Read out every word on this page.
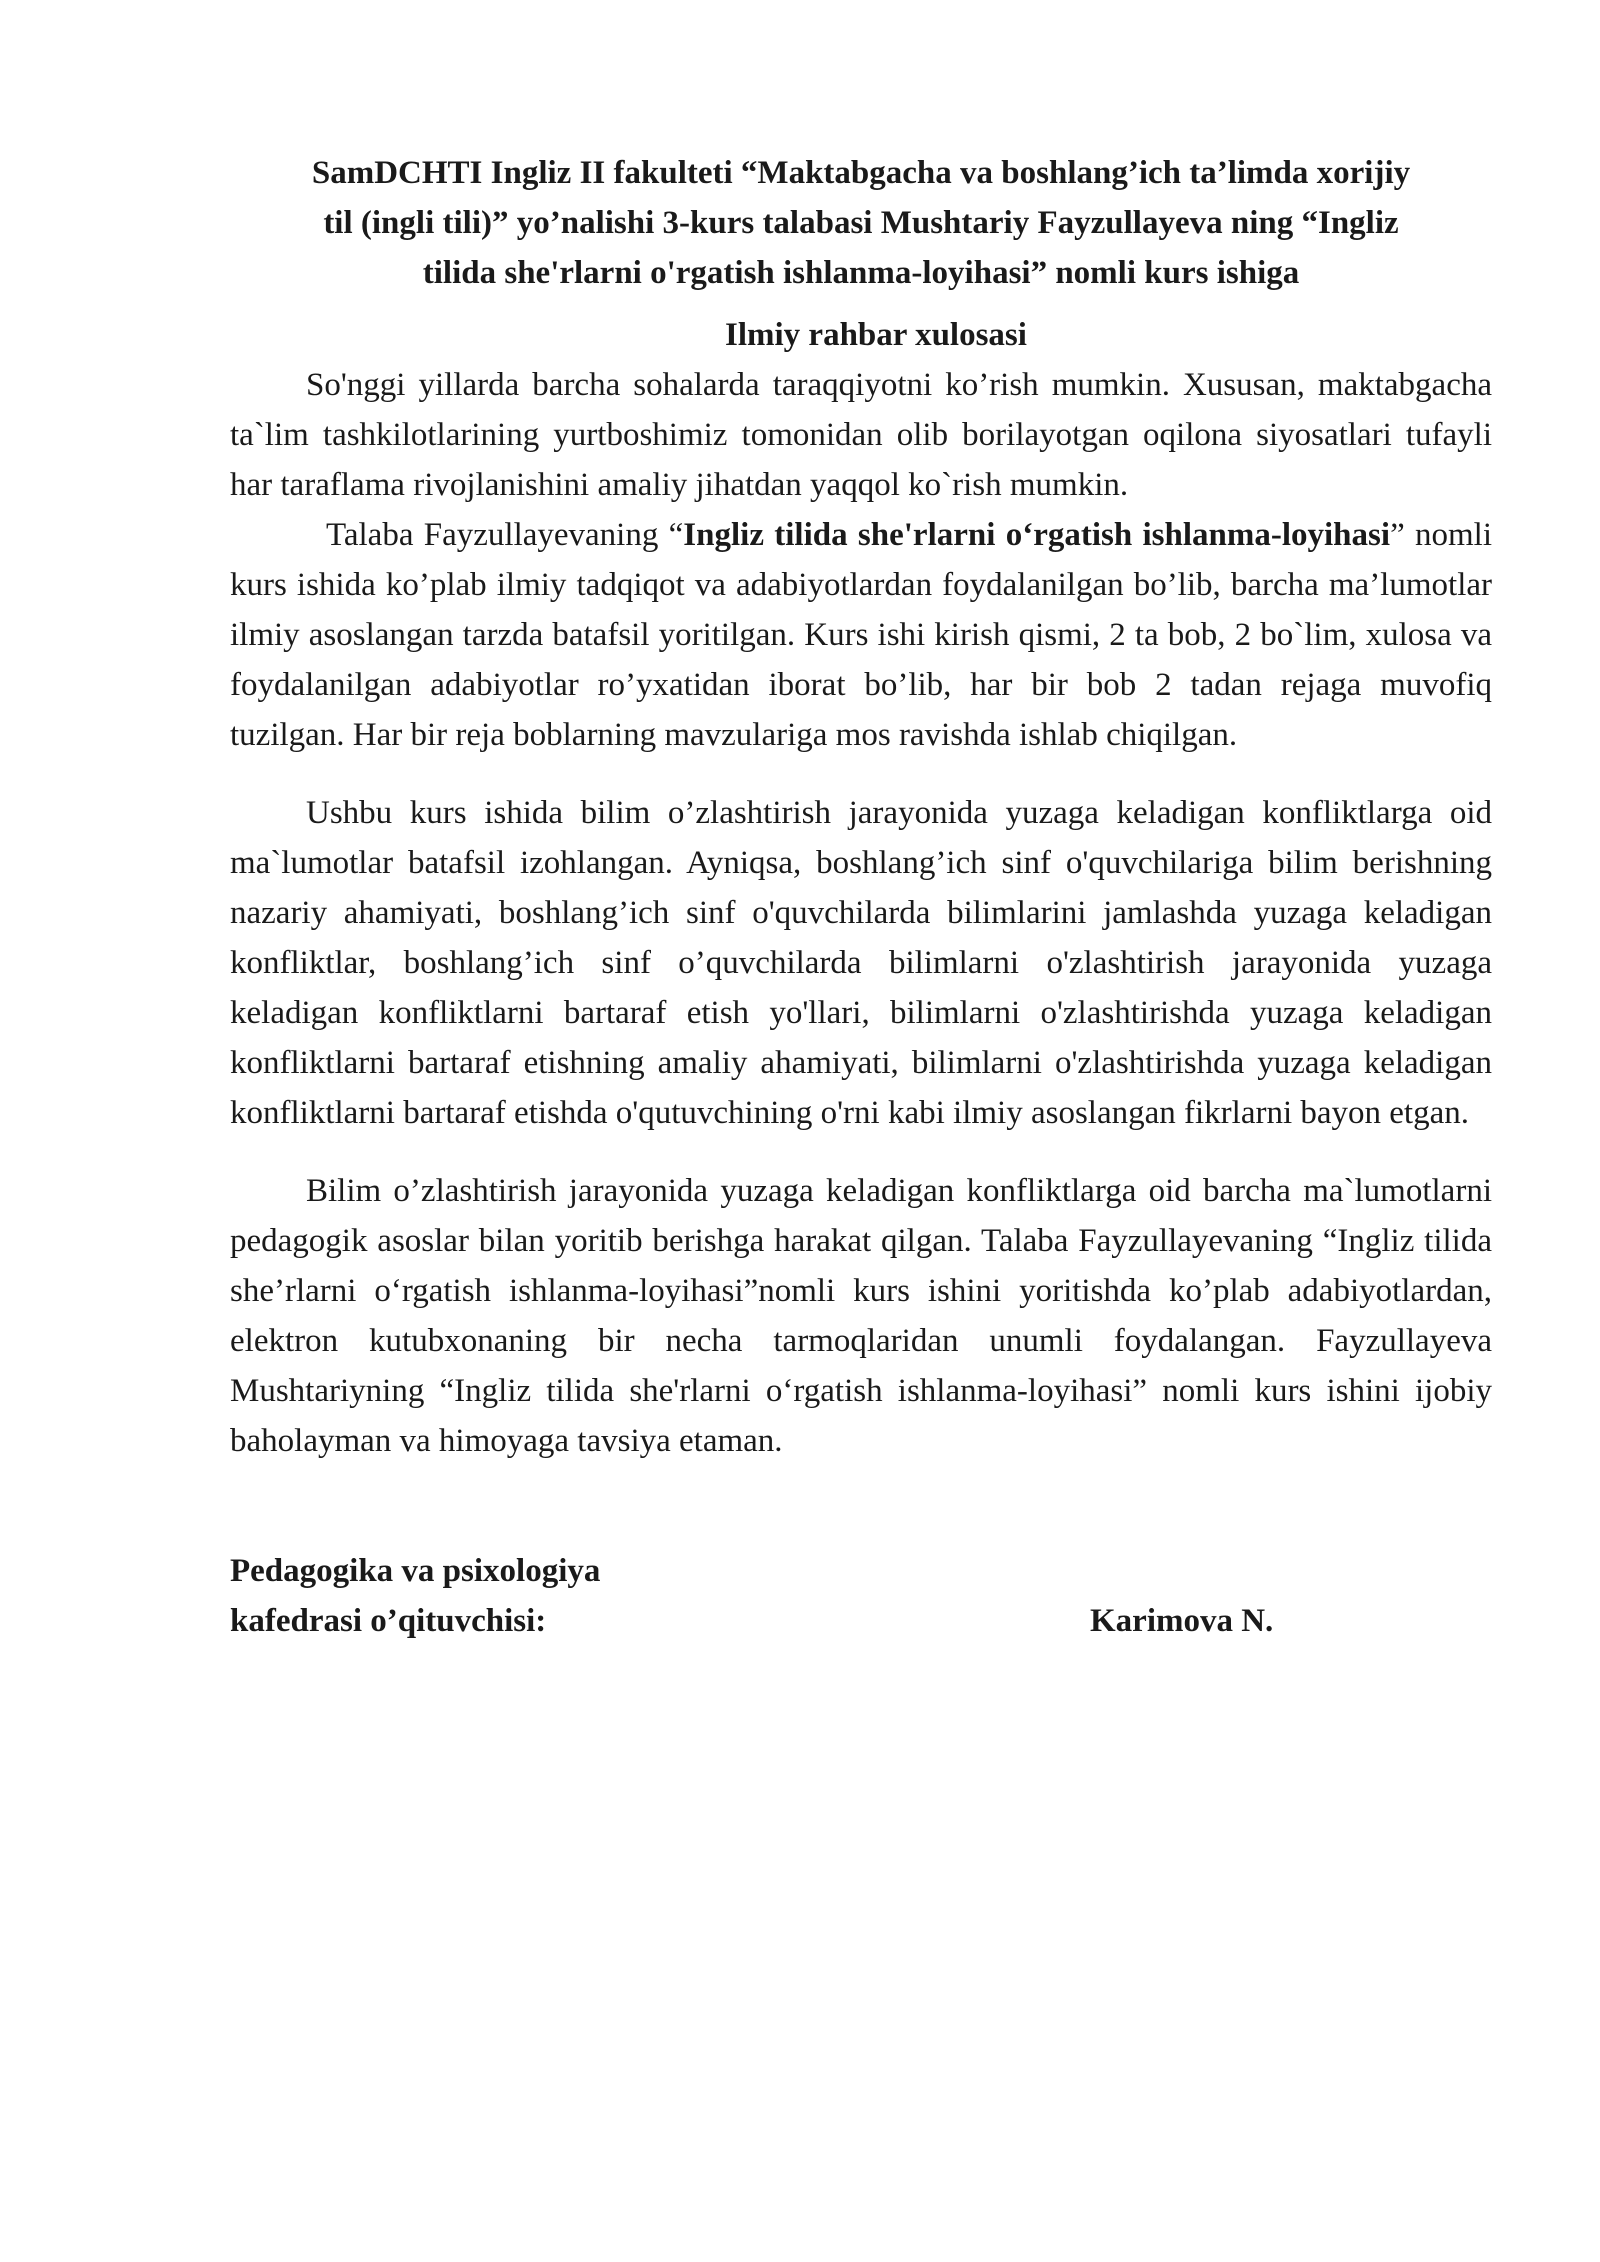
SamDCHTI Ingliz II fakulteti “Maktabgacha va boshlang’ich ta’limda xorijiy
til (ingli tili)” yo’nalishi 3-kurs talabasi Mushtariy Fayzullayeva ning “Ingliz
tilida she'rlarni o'rgatish ishlanma-loyihasi” nomli kurs ishiga
Ilmiy rahbar xulosasi

So'nggi yillarda barcha sohalarda taraqqiyotni ko’rish mumkin. Xususan, maktabgacha ta`lim tashkilotlarining yurtboshimiz tomonidan olib borilayotgan oqilona siyosatlari tufayli har taraflama rivojlanishini amaliy jihatdan yaqqol ko`rish mumkin.

Talaba Fayzullayevaning “Ingliz tilida she'rlarni o‘rgatish ishlanma-loyihasi” nomli kurs ishida ko’plab ilmiy tadqiqot va adabiyotlardan foydalanilgan bo’lib, barcha ma’lumotlar ilmiy asoslangan tarzda batafsil yoritilgan. Kurs ishi kirish qismi, 2 ta bob, 2 bo`lim, xulosa va foydalanilgan adabiyotlar ro’yxatidan iborat bo’lib, har bir bob 2 tadan rejaga muvofiq tuzilgan. Har bir reja boblarning mavzulariga mos ravishda ishlab chiqilgan.

Ushbu kurs ishida bilim o’zlashtirish jarayonida yuzaga keladigan konfliktlarga oid ma`lumotlar batafsil izohlangan. Ayniqsa, boshlang’ich sinf o'quvchilariga bilim berishning nazariy ahamiyati, boshlang’ich sinf o'quvchilarda bilimlarini jamlashda yuzaga keladigan konfliktlar, boshlang’ich sinf o’quvchilarda bilimlarni o'zlashtirish jarayonida yuzaga keladigan konfliktlarni bartaraf etish yo'llari, bilimlarni o'zlashtirishda yuzaga keladigan konfliktlarni bartaraf etishning amaliy ahamiyati, bilimlarni o'zlashtirishda yuzaga keladigan konfliktlarni bartaraf etishda o'qutuvchining o'rni kabi ilmiy asoslangan fikrlarni bayon etgan.

Bilim o’zlashtirish jarayonida yuzaga keladigan konfliktlarga oid barcha ma`lumotlarni pedagogik asoslar bilan yoritib berishga harakat qilgan. Talaba Fayzullayevaning “Ingliz tilida she’rlarni o‘rgatish ishlanma-loyihasi”nomli kurs ishini yoritishda ko’plab adabiyotlardan, elektron kutubxonaning bir necha tarmoqlaridan unumli foydalangan. Fayzullayeva Mushtariyning “Ingliz tilida she'rlarni o‘rgatish ishlanma-loyihasi” nomli kurs ishini ijobiy baholayman va himoyaga tavsiya etaman.

Pedagogika va psixologiya
kafedrasi o’qituvchisi:	Karimova N.
